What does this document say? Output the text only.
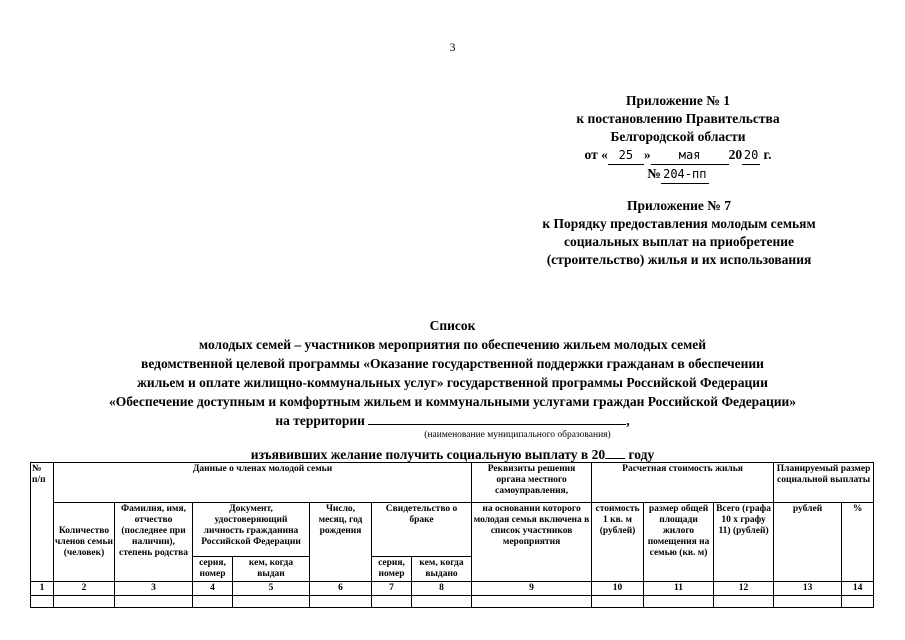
3
Приложение № 1
к постановлению Правительства
Белгородской области
от « 25 » мая 20 20 г.
№ 204-пп
Приложение № 7
к Порядку предоставления молодым семьям
социальных выплат на приобретение
(строительство) жилья и их использования
Список
молодых семей – участников мероприятия по обеспечению жильем молодых семей
ведомственной целевой программы «Оказание государственной поддержки гражданам в обеспечении
жильем и оплате жилищно-коммунальных услуг» государственной программы Российской Федерации
«Обеспечение доступным и комфортным жильем и коммунальными услугами граждан Российской Федерации»
на территории	,
(наименование муниципального образования)
изъявивших желание получить социальную выплату в 20 году
№ п/п	Данные о членах молодой семьи							Реквизиты решения органа местного самоуправления,	Расчетная стоимость жилья			Планируемый размер социальной выплаты	
	Количество членов семьи (человек)	Фамилия, имя, отчество (последнее при наличии), степень родства	Документ, удостоверяющий личность гражданина Российской Федерации		Число, месяц, год рождения	Свидетельство о браке		на основании которого молодая семья включена в список участников мероприятия	стоимость 1 кв. м (рублей)	размер общей площади жилого помещения на семью (кв. м)	Всего (графа 10 x графу 11) (рублей)	рублей	%
			серия, номер	кем, когда выдан		серия, номер	кем, когда выдано						
1	2	3	4	5	6	7	8	9	10	11	12	13	14
